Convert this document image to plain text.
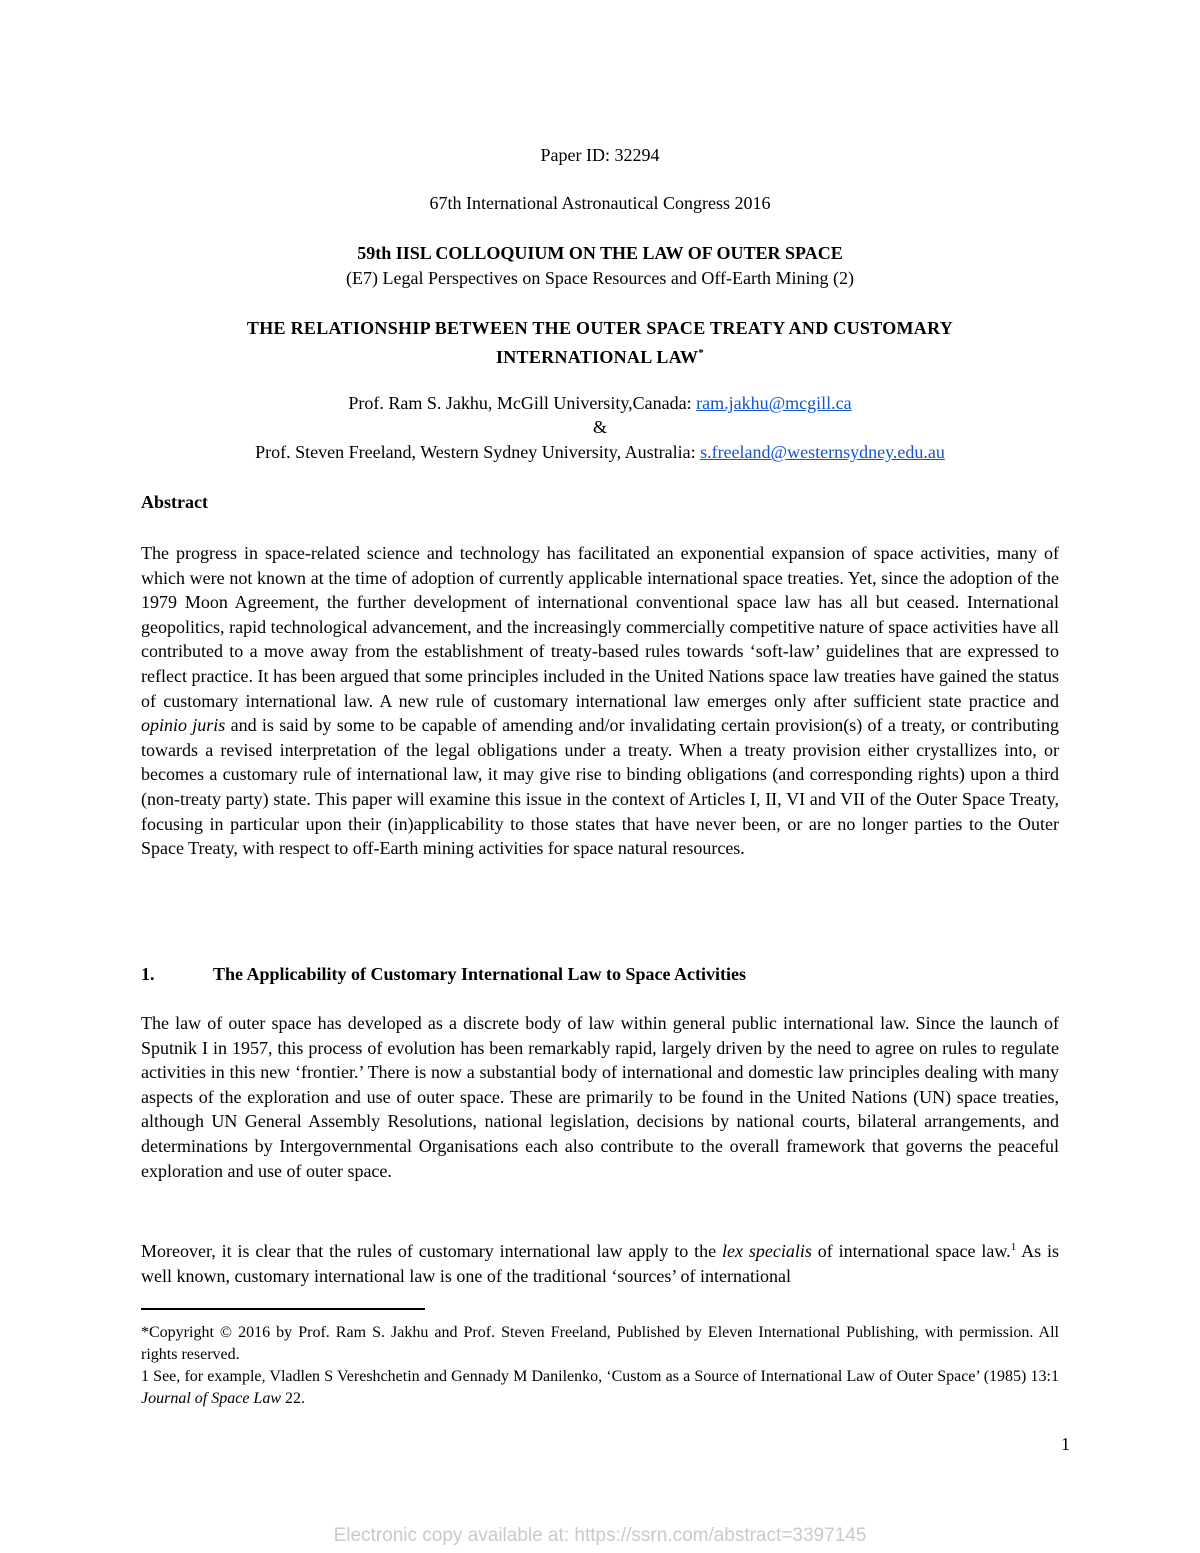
Paper ID: 32294
67th International Astronautical Congress 2016
59th IISL COLLOQUIUM ON THE LAW OF OUTER SPACE
(E7) Legal Perspectives on Space Resources and Off-Earth Mining (2)
THE RELATIONSHIP BETWEEN THE OUTER SPACE TREATY AND CUSTOMARY
INTERNATIONAL LAW*
Prof. Ram S. Jakhu, McGill University,Canada: ram.jakhu@mcgill.ca
&
Prof. Steven Freeland, Western Sydney University, Australia: s.freeland@westernsydney.edu.au
Abstract
The progress in space-related science and technology has facilitated an exponential expansion of space activities, many of which were not known at the time of adoption of currently applicable international space treaties. Yet, since the adoption of the 1979 Moon Agreement, the further development of international conventional space law has all but ceased. International geopolitics, rapid technological advancement, and the increasingly commercially competitive nature of space activities have all contributed to a move away from the establishment of treaty-based rules towards ‘soft-law’ guidelines that are expressed to reflect practice. It has been argued that some principles included in the United Nations space law treaties have gained the status of customary international law. A new rule of customary international law emerges only after sufficient state practice and opinio juris and is said by some to be capable of amending and/or invalidating certain provision(s) of a treaty, or contributing towards a revised interpretation of the legal obligations under a treaty. When a treaty provision either crystallizes into, or becomes a customary rule of international law, it may give rise to binding obligations (and corresponding rights) upon a third (non-treaty party) state. This paper will examine this issue in the context of Articles I, II, VI and VII of the Outer Space Treaty, focusing in particular upon their (in)applicability to those states that have never been, or are no longer parties to the Outer Space Treaty, with respect to off-Earth mining activities for space natural resources.
1.	The Applicability of Customary International Law to Space Activities
The law of outer space has developed as a discrete body of law within general public international law. Since the launch of Sputnik I in 1957, this process of evolution has been remarkably rapid, largely driven by the need to agree on rules to regulate activities in this new ‘frontier.’ There is now a substantial body of international and domestic law principles dealing with many aspects of the exploration and use of outer space. These are primarily to be found in the United Nations (UN) space treaties, although UN General Assembly Resolutions, national legislation, decisions by national courts, bilateral arrangements, and determinations by Intergovernmental Organisations each also contribute to the overall framework that governs the peaceful exploration and use of outer space.
Moreover, it is clear that the rules of customary international law apply to the lex specialis of international space law.$^1$ As is well known, customary international law is one of the traditional ‘sources’ of international
*Copyright © 2016 by Prof. Ram S. Jakhu and Prof. Steven Freeland, Published by Eleven International Publishing, with permission. All rights reserved.
1 See, for example, Vladlen S Vereshchetin and Gennady M Danilenko, ‘Custom as a Source of International Law of Outer Space’ (1985) 13:1 Journal of Space Law 22.
1
Electronic copy available at: https://ssrn.com/abstract=3397145
